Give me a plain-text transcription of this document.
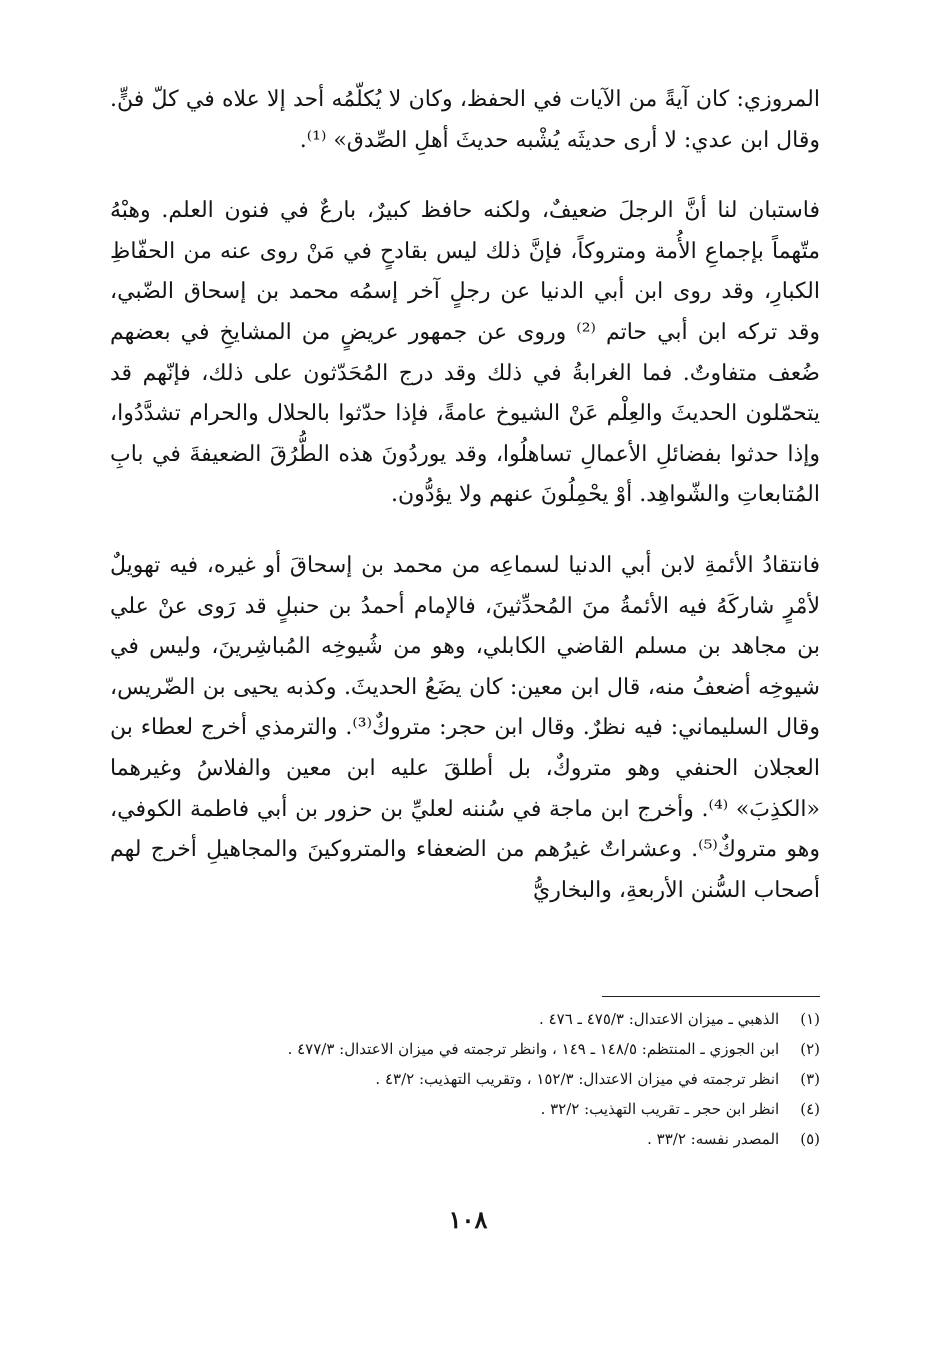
المروزي: كان آيةً من الآيات في الحفظ، وكان لا يُكلّمُه أحد إلا علاه في كلّ فنٍّ. وقال ابن عدي: لا أرى حديثَه يُشْبه حديثَ أهلِ الصِّدق» ⁽¹⁾.

فاستبان لنا أنَّ الرجلَ ضعيفٌ، ولكنه حافظ كبيرٌ، بارعٌ في فنون العلم. وهبْهُ متّهماً بإجماعِ الأُمة ومتروكاً، فإنَّ ذلك ليس بقادحٍ في مَنْ روى عنه من الحفّاظِ الكبارِ، وقد روى ابن أبي الدنيا عن رجلٍ آخر إسمُه محمد بن إسحاق الضّبي، وقد تركه ابن أبي حاتم ⁽²⁾ وروى عن جمهور عريضٍ من المشايخِ في بعضهم ضُعف متفاوتٌ. فما الغرابةُ في ذلك وقد درج المُحَدّثون على ذلك، فإنّهم قد يتحمّلون الحديثَ والعِلْم عَنْ الشيوخ عامةً، فإذا حدّثوا بالحلال والحرام تشدَّدُوا، وإذا حدثوا بفضائلِ الأعمالِ تساهلُوا، وقد يوردُونَ هذه الطُّرُقَ الضعيفةَ في بابِ المُتابعاتِ والشّواهِد. أوْ يحْمِلُونَ عنهم ولا يؤدُّون.

فانتقادُ الأئمةِ لابن أبي الدنيا لسماعِه من محمد بن إسحاقَ أو غيره، فيه تهويلٌ لأمْرٍ شاركَهُ فيه الأئمةُ منَ المُحدِّثينَ، فالإمام أحمدُ بن حنبلٍ قد رَوى عنْ علي بن مجاهد بن مسلم القاضي الكابلي، وهو من شُيوخِه المُباشِرينَ، وليس في شيوخِه أضعفُ منه، قال ابن معين: كان يضَعُ الحديثَ. وكذبه يحيى بن الضّريس، وقال السليماني: فيه نظرٌ. وقال ابن حجر: متروكٌ⁽³⁾. والترمذي أخرج لعطاء بن العجلان الحنفي وهو متروكٌ، بل أطلقَ عليه ابن معين والفلاسُ وغيرهما «الكذِبَ» ⁽⁴⁾. وأخرج ابن ماجة في سُننه لعليِّ بن حزور بن أبي فاطمة الكوفي، وهو متروكٌ⁽⁵⁾. وعشراتٌ غيرُهم من الضعفاء والمتروكينَ والمجاهيلِ أخرج لهم أصحاب السُّنن الأربعةِ، والبخاريُّ

(١) الذهبي ـ ميزان الاعتدال: ٤٧٥/٣ ـ ٤٧٦ .
(٢) ابن الجوزي ـ المنتظم: ١٤٨/٥ ـ ١٤٩ ، وانظر ترجمته في ميزان الاعتدال: ٤٧٧/٣ .
(٣) انظر ترجمته في ميزان الاعتدال: ١٥٢/٣ ، وتقريب التهذيب: ٤٣/٢ .
(٤) انظر ابن حجر ـ تقريب التهذيب: ٣٢/٢ .
(٥) المصدر نفسه: ٣٣/٢ .
١٠٨
